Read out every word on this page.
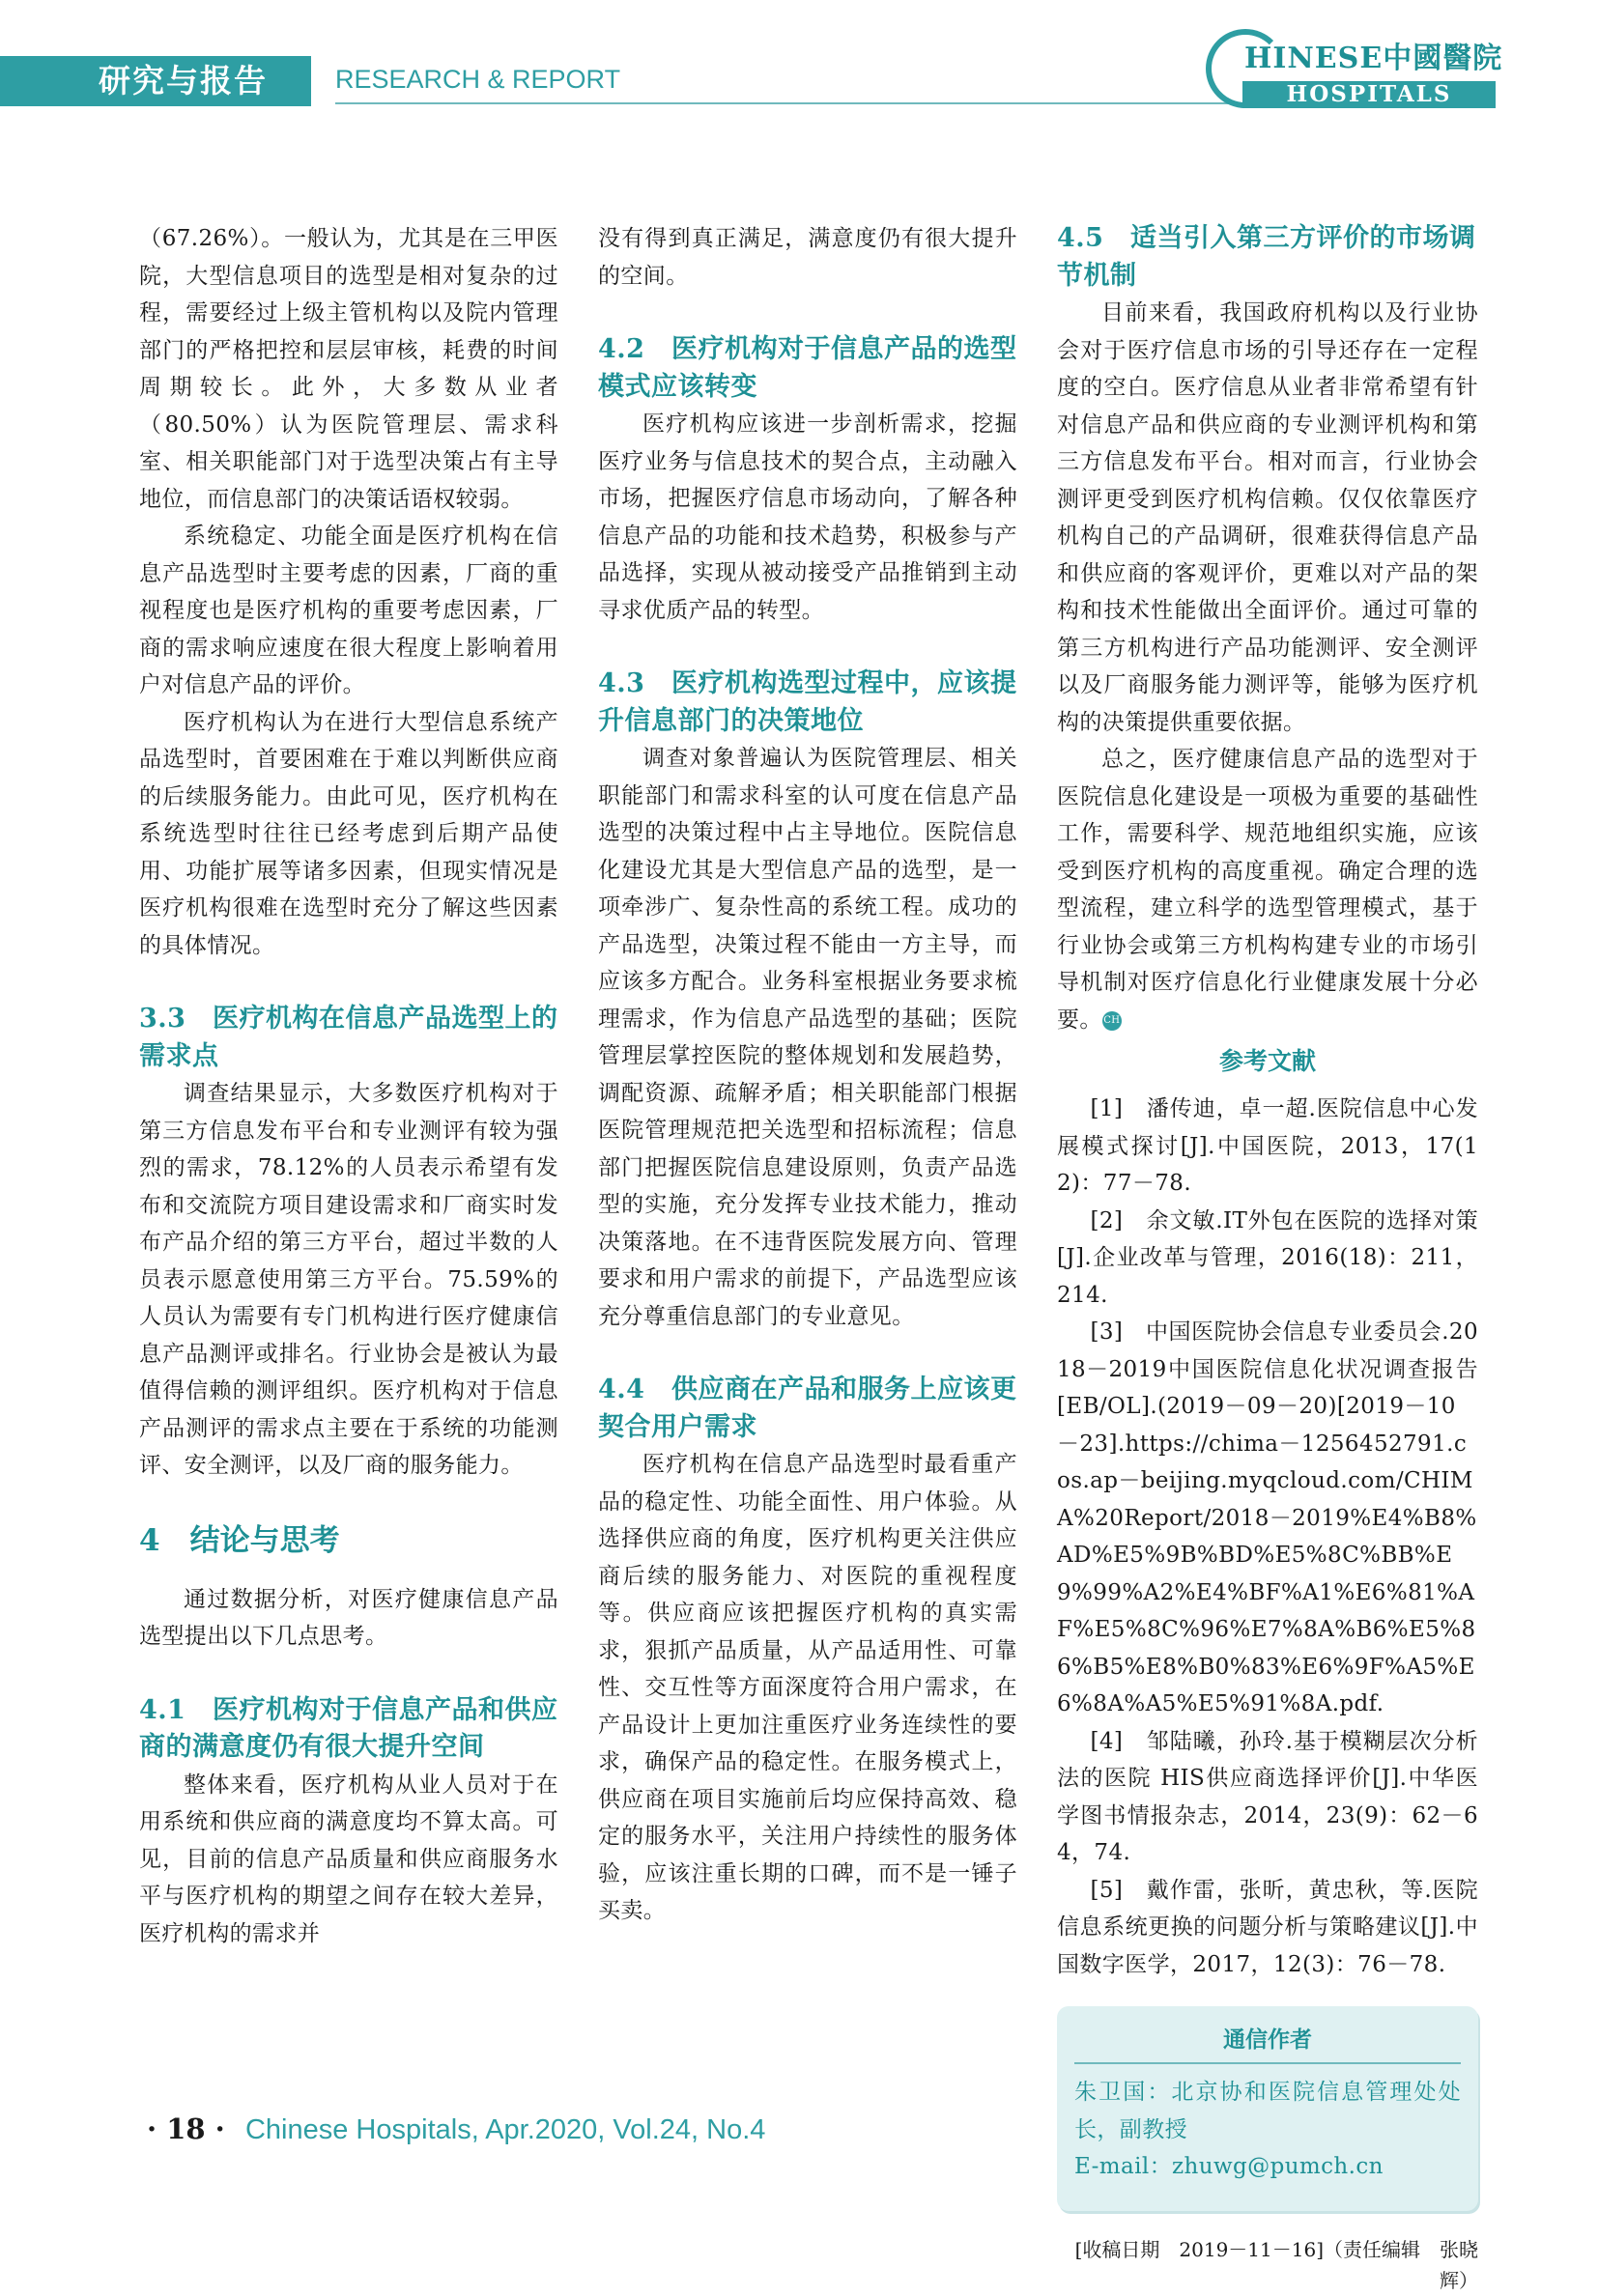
研究与报告	RESEARCH & REPORT
HINESE中國醫院
HOSPITALS

（67.26%）。一般认为，尤其是在三甲医院，大型信息项目的选型是相对复杂的过程，需要经过上级主管机构以及院内管理部门的严格把控和层层审核，耗费的时间周期较长。此外，大多数从业者（80.50%）认为医院管理层、需求科室、相关职能部门对于选型决策占有主导地位，而信息部门的决策话语权较弱。

系统稳定、功能全面是医疗机构在信息产品选型时主要考虑的因素，厂商的重视程度也是医疗机构的重要考虑因素，厂商的需求响应速度在很大程度上影响着用户对信息产品的评价。

医疗机构认为在进行大型信息系统产品选型时，首要困难在于难以判断供应商的后续服务能力。由此可见，医疗机构在系统选型时往往已经考虑到后期产品使用、功能扩展等诸多因素，但现实情况是医疗机构很难在选型时充分了解这些因素的具体情况。

3.3　医疗机构在信息产品选型上的需求点

调查结果显示，大多数医疗机构对于第三方信息发布平台和专业测评有较为强烈的需求，78.12%的人员表示希望有发布和交流院方项目建设需求和厂商实时发布产品介绍的第三方平台，超过半数的人员表示愿意使用第三方平台。75.59%的人员认为需要有专门机构进行医疗健康信息产品测评或排名。行业协会是被认为最值得信赖的测评组织。医疗机构对于信息产品测评的需求点主要在于系统的功能测评、安全测评，以及厂商的服务能力。

4　结论与思考

通过数据分析，对医疗健康信息产品选型提出以下几点思考。

4.1　医疗机构对于信息产品和供应商的满意度仍有很大提升空间

整体来看，医疗机构从业人员对于在用系统和供应商的满意度均不算太高。可见，目前的信息产品质量和供应商服务水平与医疗机构的期望之间存在较大差异，医疗机构的需求并

没有得到真正满足，满意度仍有很大提升的空间。

4.2　医疗机构对于信息产品的选型模式应该转变

医疗机构应该进一步剖析需求，挖掘医疗业务与信息技术的契合点，主动融入市场，把握医疗信息市场动向，了解各种信息产品的功能和技术趋势，积极参与产品选择，实现从被动接受产品推销到主动寻求优质产品的转型。

4.3　医疗机构选型过程中，应该提升信息部门的决策地位

调查对象普遍认为医院管理层、相关职能部门和需求科室的认可度在信息产品选型的决策过程中占主导地位。医院信息化建设尤其是大型信息产品的选型，是一项牵涉广、复杂性高的系统工程。成功的产品选型，决策过程不能由一方主导，而应该多方配合。业务科室根据业务要求梳理需求，作为信息产品选型的基础；医院管理层掌控医院的整体规划和发展趋势，调配资源、疏解矛盾；相关职能部门根据医院管理规范把关选型和招标流程；信息部门把握医院信息建设原则，负责产品选型的实施，充分发挥专业技术能力，推动决策落地。在不违背医院发展方向、管理要求和用户需求的前提下，产品选型应该充分尊重信息部门的专业意见。

4.4　供应商在产品和服务上应该更契合用户需求

医疗机构在信息产品选型时最看重产品的稳定性、功能全面性、用户体验。从选择供应商的角度，医疗机构更关注供应商后续的服务能力、对医院的重视程度等。供应商应该把握医疗机构的真实需求，狠抓产品质量，从产品适用性、可靠性、交互性等方面深度符合用户需求，在产品设计上更加注重医疗业务连续性的要求，确保产品的稳定性。在服务模式上，供应商在项目实施前后均应保持高效、稳定的服务水平，关注用户持续性的服务体验，应该注重长期的口碑，而不是一锤子买卖。

4.5　适当引入第三方评价的市场调节机制

目前来看，我国政府机构以及行业协会对于医疗信息市场的引导还存在一定程度的空白。医疗信息从业者非常希望有针对信息产品和供应商的专业测评机构和第三方信息发布平台。相对而言，行业协会测评更受到医疗机构信赖。仅仅依靠医疗机构自己的产品调研，很难获得信息产品和供应商的客观评价，更难以对产品的架构和技术性能做出全面评价。通过可靠的第三方机构进行产品功能测评、安全测评以及厂商服务能力测评等，能够为医疗机构的决策提供重要依据。

总之，医疗健康信息产品的选型对于医院信息化建设是一项极为重要的基础性工作，需要科学、规范地组织实施，应该受到医疗机构的高度重视。确定合理的选型流程，建立科学的选型管理模式，基于行业协会或第三方机构构建专业的市场引导机制对医疗信息化行业健康发展十分必要。CH

参考文献

[1]　潘传迪，卓一超.医院信息中心发展模式探讨[J].中国医院，2013，17(12)：77－78.

[2]　余文敏.IT外包在医院的选择对策[J].企业改革与管理，2016(18)：211，214.

[3]　中国医院协会信息专业委员会.2018－2019中国医院信息化状况调查报告[EB/OL].(2019－09－20)[2019－10－23].https://chima－1256452791.cos.ap－beijing.myqcloud.com/CHIMA%20Report/2018－2019%E4%B8%AD%E5%9B%BD%E5%8C%BB%E9%99%A2%E4%BF%A1%E6%81%AF%E5%8C%96%E7%8A%B6%E5%86%B5%E8%B0%83%E6%9F%A5%E6%8A%A5%E5%91%8A.pdf.

[4]　邹陆曦，孙玲.基于模糊层次分析法的医院 HIS供应商选择评价[J].中华医学图书情报杂志，2014，23(9)：62－64，74.

[5]　戴作雷，张昕，黄忠秋，等.医院信息系统更换的问题分析与策略建议[J].中国数字医学，2017，12(3)：76－78.

通信作者

朱卫国：北京协和医院信息管理处处长，副教授

E-mail：zhuwg@pumch.cn

[收稿日期　2019－11－16]（责任编辑　张晓辉）
· 18 · Chinese Hospitals, Apr.2020, Vol.24, No.4
